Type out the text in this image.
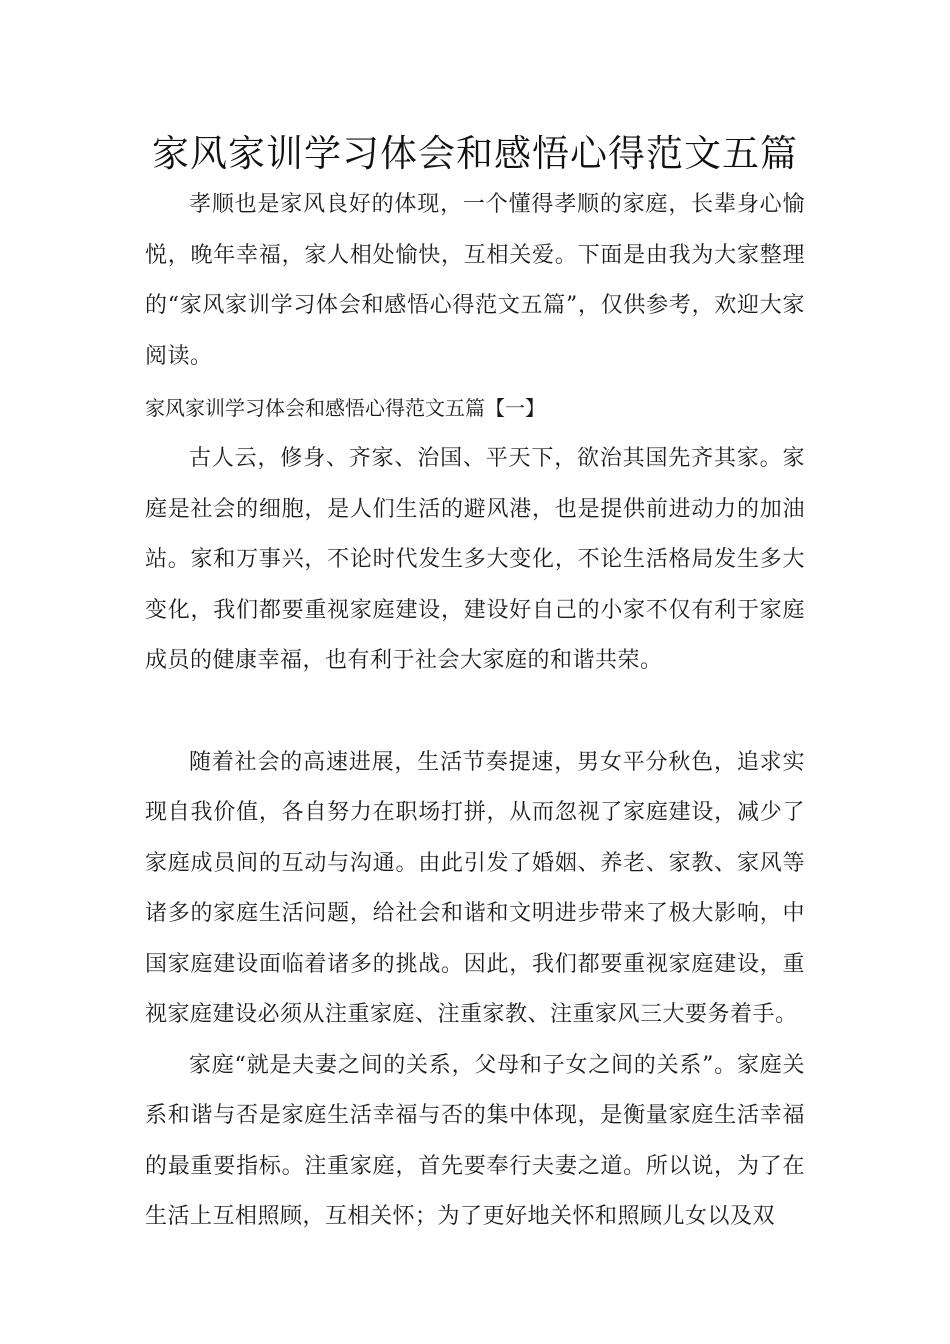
家风家训学习体会和感悟心得范文五篇

孝顺也是家风良好的体现，一个懂得孝顺的家庭，长辈身心愉悦，晚年幸福，家人相处愉快，互相关爱。下面是由我为大家整理的“家风家训学习体会和感悟心得范文五篇”，仅供参考，欢迎大家阅读。

家风家训学习体会和感悟心得范文五篇【一】

古人云，修身、齐家、治国、平天下，欲治其国先齐其家。家庭是社会的细胞，是人们生活的避风港，也是提供前进动力的加油站。家和万事兴，不论时代发生多大变化，不论生活格局发生多大变化，我们都要重视家庭建设，建设好自己的小家不仅有利于家庭成员的健康幸福，也有利于社会大家庭的和谐共荣。

随着社会的高速进展，生活节奏提速，男女平分秋色，追求实现自我价值，各自努力在职场打拼，从而忽视了家庭建设，减少了家庭成员间的互动与沟通。由此引发了婚姻、养老、家教、家风等诸多的家庭生活问题，给社会和谐和文明进步带来了极大影响，中国家庭建设面临着诸多的挑战。因此，我们都要重视家庭建设，重视家庭建设必须从注重家庭、注重家教、注重家风三大要务着手。

家庭“就是夫妻之间的关系，父母和子女之间的关系”。家庭关系和谐与否是家庭生活幸福与否的集中体现，是衡量家庭生活幸福的最重要指标。注重家庭，首先要奉行夫妻之道。所以说，为了在生活上互相照顾，互相关怀；为了更好地关怀和照顾儿女以及双
